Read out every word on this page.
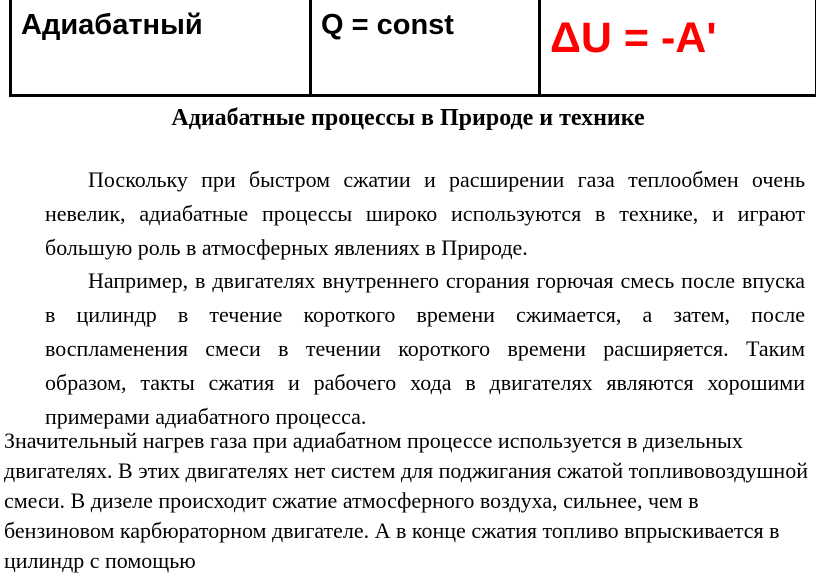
Адиабатный	Q = const ΔU = -A'
Адиабатные процессы в Природе и технике

Поскольку при быстром сжатии и расширении газа теплообмен очень невелик, адиабатные процессы широко используются в технике, и играют большую роль в атмосферных явлениях в Природе.

Например, в двигателях внутреннего сгорания горючая смесь после впуска в цилиндр в течение короткого времени сжимается, а затем, после воспламенения смеси в течении короткого времени расширяется. Таким образом, такты сжатия и рабочего хода в двигателях являются хорошими примерами адиабатного процесса.

Значительный нагрев газа при адиабатном процессе используется в дизельных двигателях. В этих двигателях нет систем для поджигания сжатой топливовоздушной смеси. В дизеле происходит сжатие атмосферного воздуха, сильнее, чем в бензиновом карбюраторном двигателе. А в конце сжатия топливо впрыскивается в цилиндр с помощью
